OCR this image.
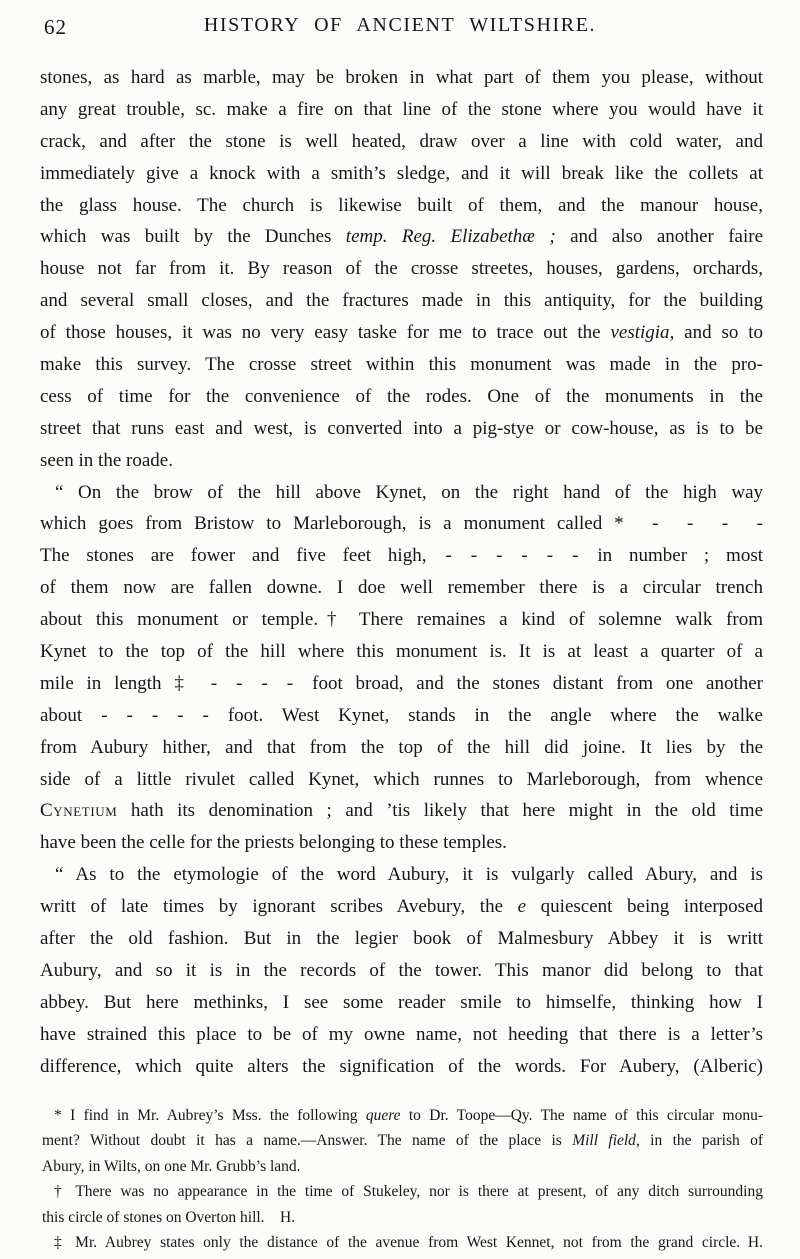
62	HISTORY OF ANCIENT WILTSHIRE.
stones, as hard as marble, may be broken in what part of them you please, without
any great trouble, sc. make a fire on that line of the stone where you would have it
crack, and after the stone is well heated, draw over a line with cold water, and
immediately give a knock with a smith’s sledge, and it will break like the collets at
the glass house. The church is likewise built of them, and the manour house,
which was built by the Dunches temp. Reg. Elizabethæ ; and also another faire
house not far from it. By reason of the crosse streetes, houses, gardens, orchards,
and several small closes, and the fractures made in this antiquity, for the building
of those houses, it was no very easy taske for me to trace out the vestigia, and so to
make this survey. The crosse street within this monument was made in the pro-
cess of time for the convenience of the rodes. One of the monuments in the
street that runs east and west, is converted into a pig-stye or cow-house, as is to be
seen in the roade.
“ On the brow of the hill above Kynet, on the right hand of the high way
which goes from Bristow to Marleborough, is a monument called *  -  -  -  -
The stones are fower and five feet high, - - - - - - in number ; most
of them now are fallen downe. I doe well remember there is a circular trench
about this monument or temple.† There remaines a kind of solemne walk from
Kynet to the top of the hill where this monument is. It is at least a quarter of a
mile in length ‡ - - - - foot broad, and the stones distant from one another
about - - - - - foot. West Kynet, stands in the angle where the walke
from Aubury hither, and that from the top of the hill did joine. It lies by the
side of a little rivulet called Kynet, which runnes to Marleborough, from whence
Cynetium hath its denomination ; and ’tis likely that here might in the old time
have been the celle for the priests belonging to these temples.
“ As to the etymologie of the word Aubury, it is vulgarly called Abury, and is
writt of late times by ignorant scribes Avebury, the e quiescent being interposed
after the old fashion. But in the legier book of Malmesbury Abbey it is writt
Aubury, and so it is in the records of the tower. This manor did belong to that
abbey. But here methinks, I see some reader smile to himselfe, thinking how I
have strained this place to be of my owne name, not heeding that there is a letter’s
difference, which quite alters the signification of the words. For Aubery, (Alberic)
* I find in Mr. Aubrey’s Mss. the following quere to Dr. Toope—Qy. The name of this circular monu-
ment? Without doubt it has a name.—Answer. The name of the place is Mill field, in the parish of
Abury, in Wilts, on one Mr. Grubb’s land.
† There was no appearance in the time of Stukeley, nor is there at present, of any ditch surrounding
this circle of stones on Overton hill.  H.
‡ Mr. Aubrey states only the distance of the avenue from West Kennet, not from the grand circle. H.
